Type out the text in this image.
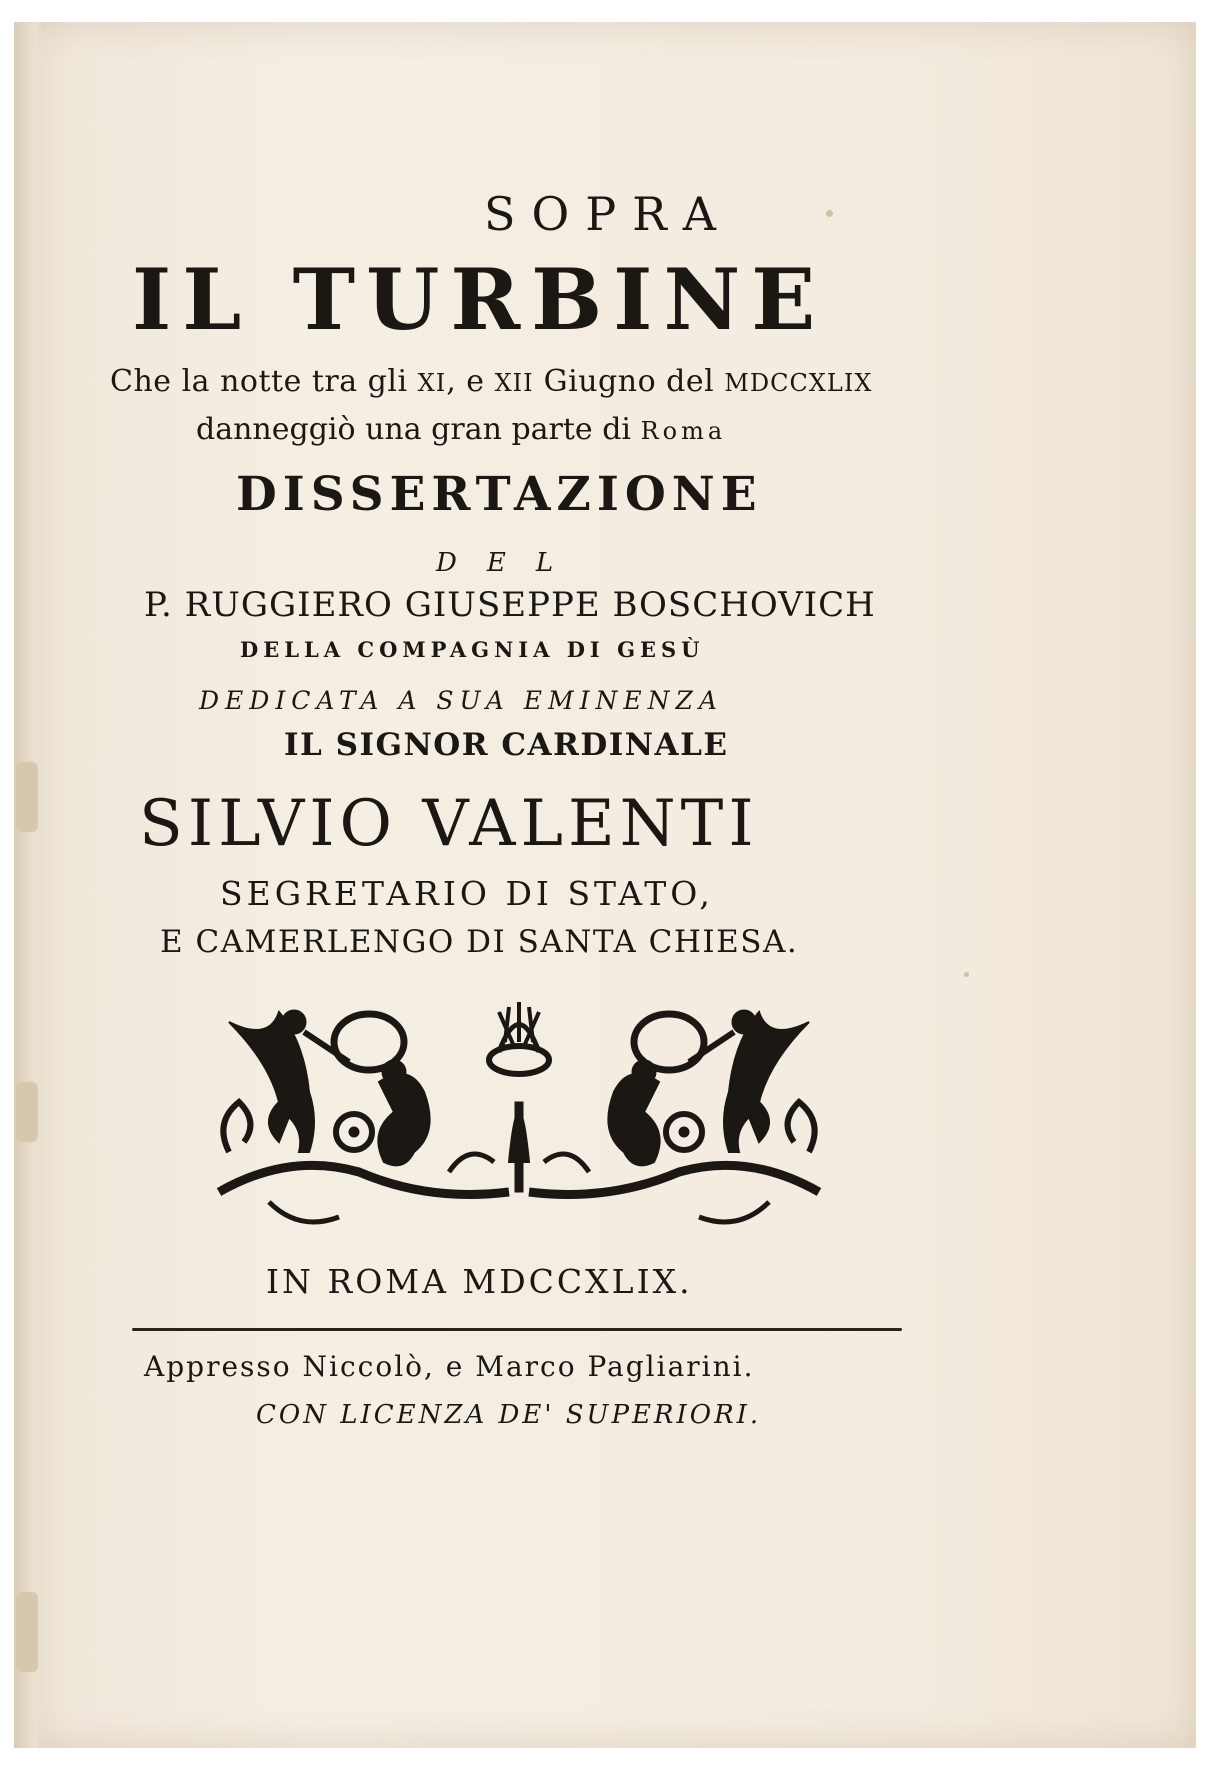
SOPRA
IL TURBINE
Che la notte tra gli XI, e XII Giugno del MDCCXLIX
danneggiò una gran parte di Roma
DISSERTAZIONE
DEL
P. RUGGIERO GIUSEPPE BOSCHOVICH
DELLA COMPAGNIA DI GESÙ
DEDICATA A SUA EMINENZA
IL SIGNOR CARDINALE
SILVIO VALENTI
SEGRETARIO DI STATO,
E CAMERLENGO DI SANTA CHIESA.
IN ROMA MDCCXLIX.
Appresso Niccolò, e Marco Pagliarini.
CON LICENZA DE' SUPERIORI.
